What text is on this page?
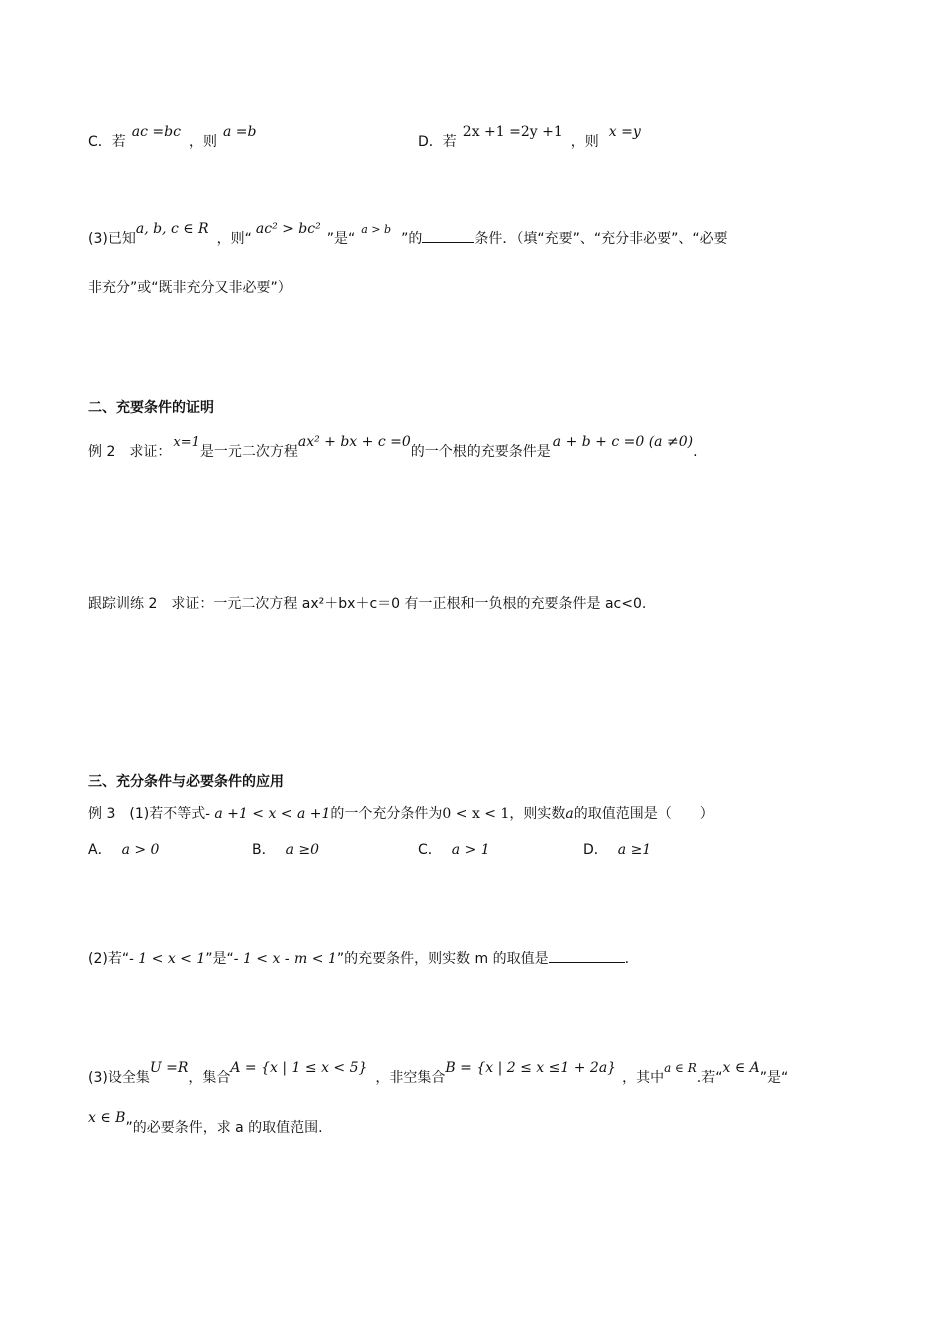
C．若ac =bc，则a =b
D．若2x +1 =2y +1，则x =y
(3)已知a, b, c ∈ R，则“ac² > bc²”是“$^{a > b}$”的	条件．（填“充要”、“充分非必要”、“必要
非充分”或“既非充分又非必要”）
二、充要条件的证明
例 2　求证：x=1是一元二次方程ax² + bx + c =0的一个根的充要条件是a + b + c =0 (a ≠0).
跟踪训练 2　求证：一元二次方程 ax²＋bx＋c＝0 有一正根和一负根的充要条件是 ac<0.
三、充分条件与必要条件的应用
例 3　(1)若不等式- a +1 < x < a +1的一个充分条件为0 < x < 1，则实数a的取值范围是（　　）
A． a > 0	B． a ≥0	C． a > 1	D． a ≥1
(2)若“- 1 < x < 1”是“- 1 < x - m < 1”的充要条件，则实数 m 的取值是	.
(3)设全集U =R，集合A = {x | 1 ≤ x < 5}，非空集合B = {x | 2 ≤ x ≤1 + 2a}，其中a ∈ R.若“x ∈ A”是“
x ∈ B”的必要条件，求 a 的取值范围.
